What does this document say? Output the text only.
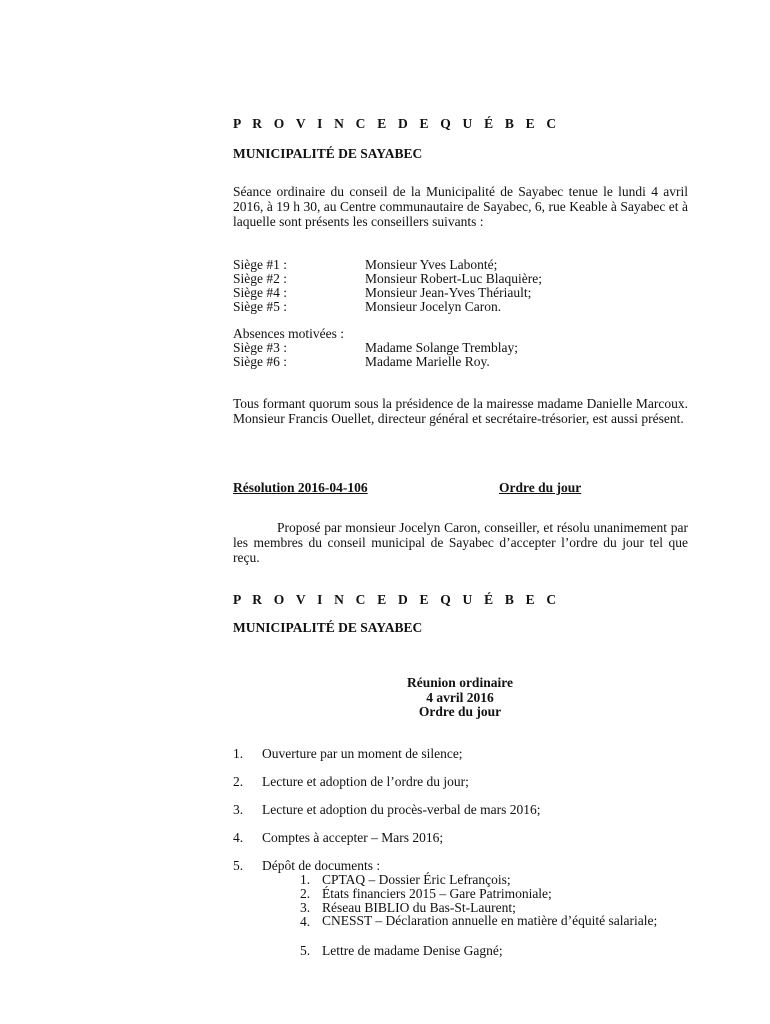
P R O V I N C E D E Q U É B E C
MUNICIPALITÉ DE SAYABEC
Séance ordinaire du conseil de la Municipalité de Sayabec tenue le lundi 4 avril 2016, à 19 h 30, au Centre communautaire de Sayabec, 6, rue Keable à Sayabec et à laquelle sont présents les conseillers suivants :
Siège #1 :	Monsieur Yves Labonté;
Siège #2 :	Monsieur Robert-Luc Blaquière;
Siège #4 :	Monsieur Jean-Yves Thériault;
Siège #5 :	Monsieur Jocelyn Caron.
Absences motivées :
Siège #3 :	Madame Solange Tremblay;
Siège #6 :	Madame Marielle Roy.
Tous formant quorum sous la présidence de la mairesse madame Danielle Marcoux. Monsieur Francis Ouellet, directeur général et secrétaire-trésorier, est aussi présent.
Résolution 2016-04-106	Ordre du jour
Proposé par monsieur Jocelyn Caron, conseiller, et résolu unanimement par les membres du conseil municipal de Sayabec d’accepter l’ordre du jour tel que reçu.
P R O V I N C E D E Q U É B E C
MUNICIPALITÉ DE SAYABEC
Réunion ordinaire
4 avril 2016
Ordre du jour
1. Ouverture par un moment de silence;
2. Lecture et adoption de l’ordre du jour;
3. Lecture et adoption du procès-verbal de mars 2016;
4. Comptes à accepter – Mars 2016;
5. Dépôt de documents :
1. CPTAQ – Dossier Éric Lefrançois;
2. États financiers 2015 – Gare Patrimoniale;
3. Réseau BIBLIO du Bas-St-Laurent;
4. CNESST – Déclaration annuelle en matière d’équité salariale;
5. Lettre de madame Denise Gagné;
